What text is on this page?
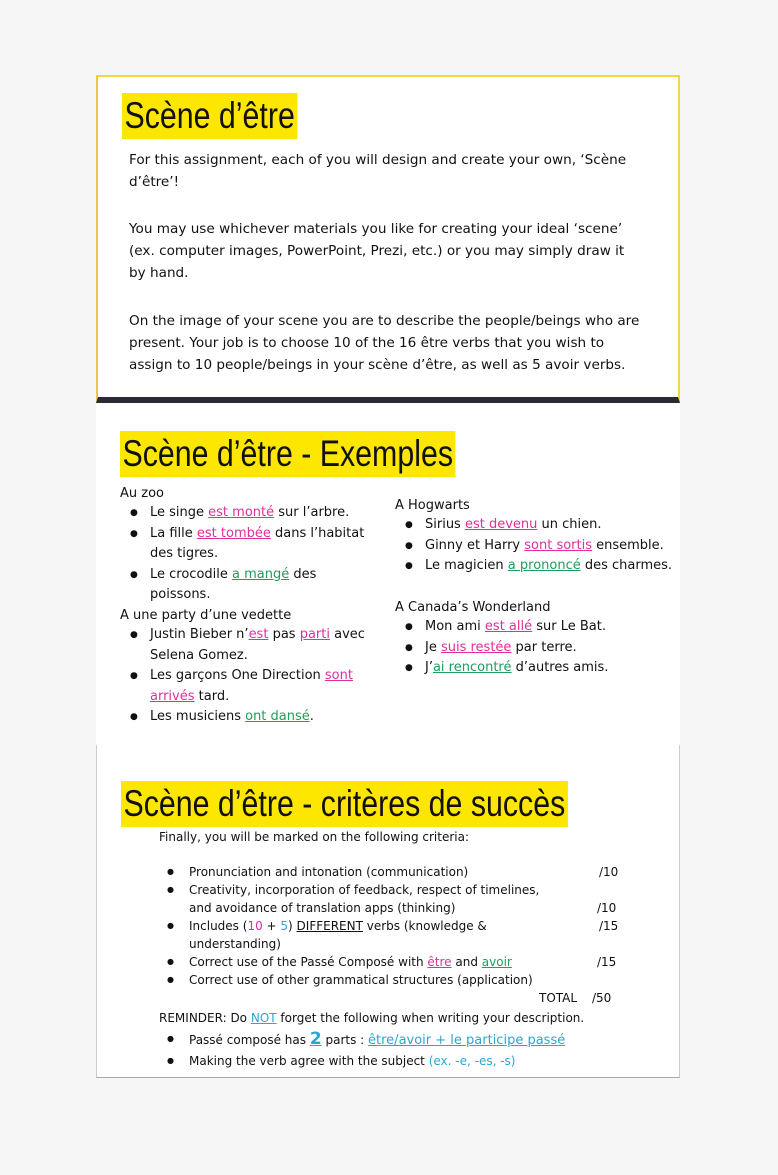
Scène d’être
For this assignment, each of you will design and create your own, ‘Scène d’être’!
You may use whichever materials you like for creating your ideal ‘scene’ (ex. computer images, PowerPoint, Prezi, etc.) or you may simply draw it by hand.
On the image of your scene you are to describe the people/beings who are present. Your job is to choose 10 of the 16 être verbs that you wish to assign to 10 people/beings in your scène d’être, as well as 5 avoir verbs.
Scène d’être - Exemples
Au zoo
● Le singe est monté sur l’arbre.
● La fille est tombée dans l’habitat des tigres.
● Le crocodile a mangé des poissons.
A une party d’une vedette
● Justin Bieber n’est pas parti avec Selena Gomez.
● Les garçons One Direction sont arrivés tard.
● Les musiciens ont dansé.
A Hogwarts
● Sirius est devenu un chien.
● Ginny et Harry sont sortis ensemble.
● Le magicien a prononcé des charmes.
A Canada’s Wonderland
● Mon ami est allé sur Le Bat.
● Je suis restée par terre.
● J’ai rencontré d’autres amis.
Scène d’être - critères de succès
Finally, you will be marked on the following criteria:
● Pronunciation and intonation (communication)
● Creativity, incorporation of feedback, respect of timelines, and avoidance of translation apps (thinking)
● Includes (10 + 5) DIFFERENT verbs (knowledge & understanding)
● Correct use of the Passé Composé with être and avoir
● Correct use of other grammatical structures (application)
/10
/10
/15
/15
TOTAL /50
REMINDER: Do NOT forget the following when writing your description.
● Passé composé has 2 parts : être/avoir + le participe passé
● Making the verb agree with the subject (ex. -e, -es, -s)
